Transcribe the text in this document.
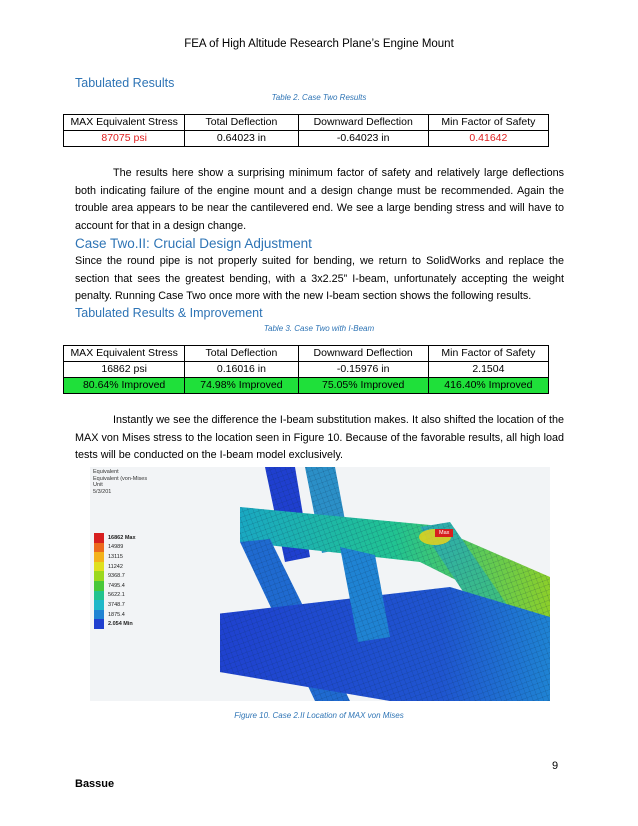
FEA of High Altitude Research Plane’s Engine Mount
Tabulated Results
Table 2. Case Two Results
MAX Equivalent Stress	Total Deflection	Downward Deflection	Min Factor of Safety
87075 psi	0.64023 in	-0.64023 in	0.41642
The results here show a surprising minimum factor of safety and relatively large deflections both indicating failure of the engine mount and a design change must be recommended. Again the trouble area appears to be near the cantilevered end. We see a large bending stress and will have to account for that in a design change.
Case Two.II: Crucial Design Adjustment
Since the round pipe is not properly suited for bending, we return to SolidWorks and replace the section that sees the greatest bending, with a 3x2.25” I-beam, unfortunately accepting the weight penalty. Running Case Two once more with the new I-beam section shows the following results.
Tabulated Results & Improvement
Table 3. Case Two with I-Beam
MAX Equivalent Stress	Total Deflection	Downward Deflection	Min Factor of Safety
16862 psi	0.16016 in	-0.15976 in	2.1504
80.64% Improved	74.98% Improved	75.05% Improved	416.40% Improved
Instantly we see the difference the I-beam substitution makes. It also shifted the location of the MAX von Mises stress to the location seen in Figure 10. Because of the favorable results, all high load tests will be conducted on the I-beam model exclusively.
Equivalent
Equivalent (von-Mises
Unit
5/3/201
16862 Max
14989
13115
11242
9368.7
7495.4
5622.1
3748.7
1875.4
2.054 Min
Max
Figure 10. Case 2.II Location of MAX von Mises
9
Bassue
